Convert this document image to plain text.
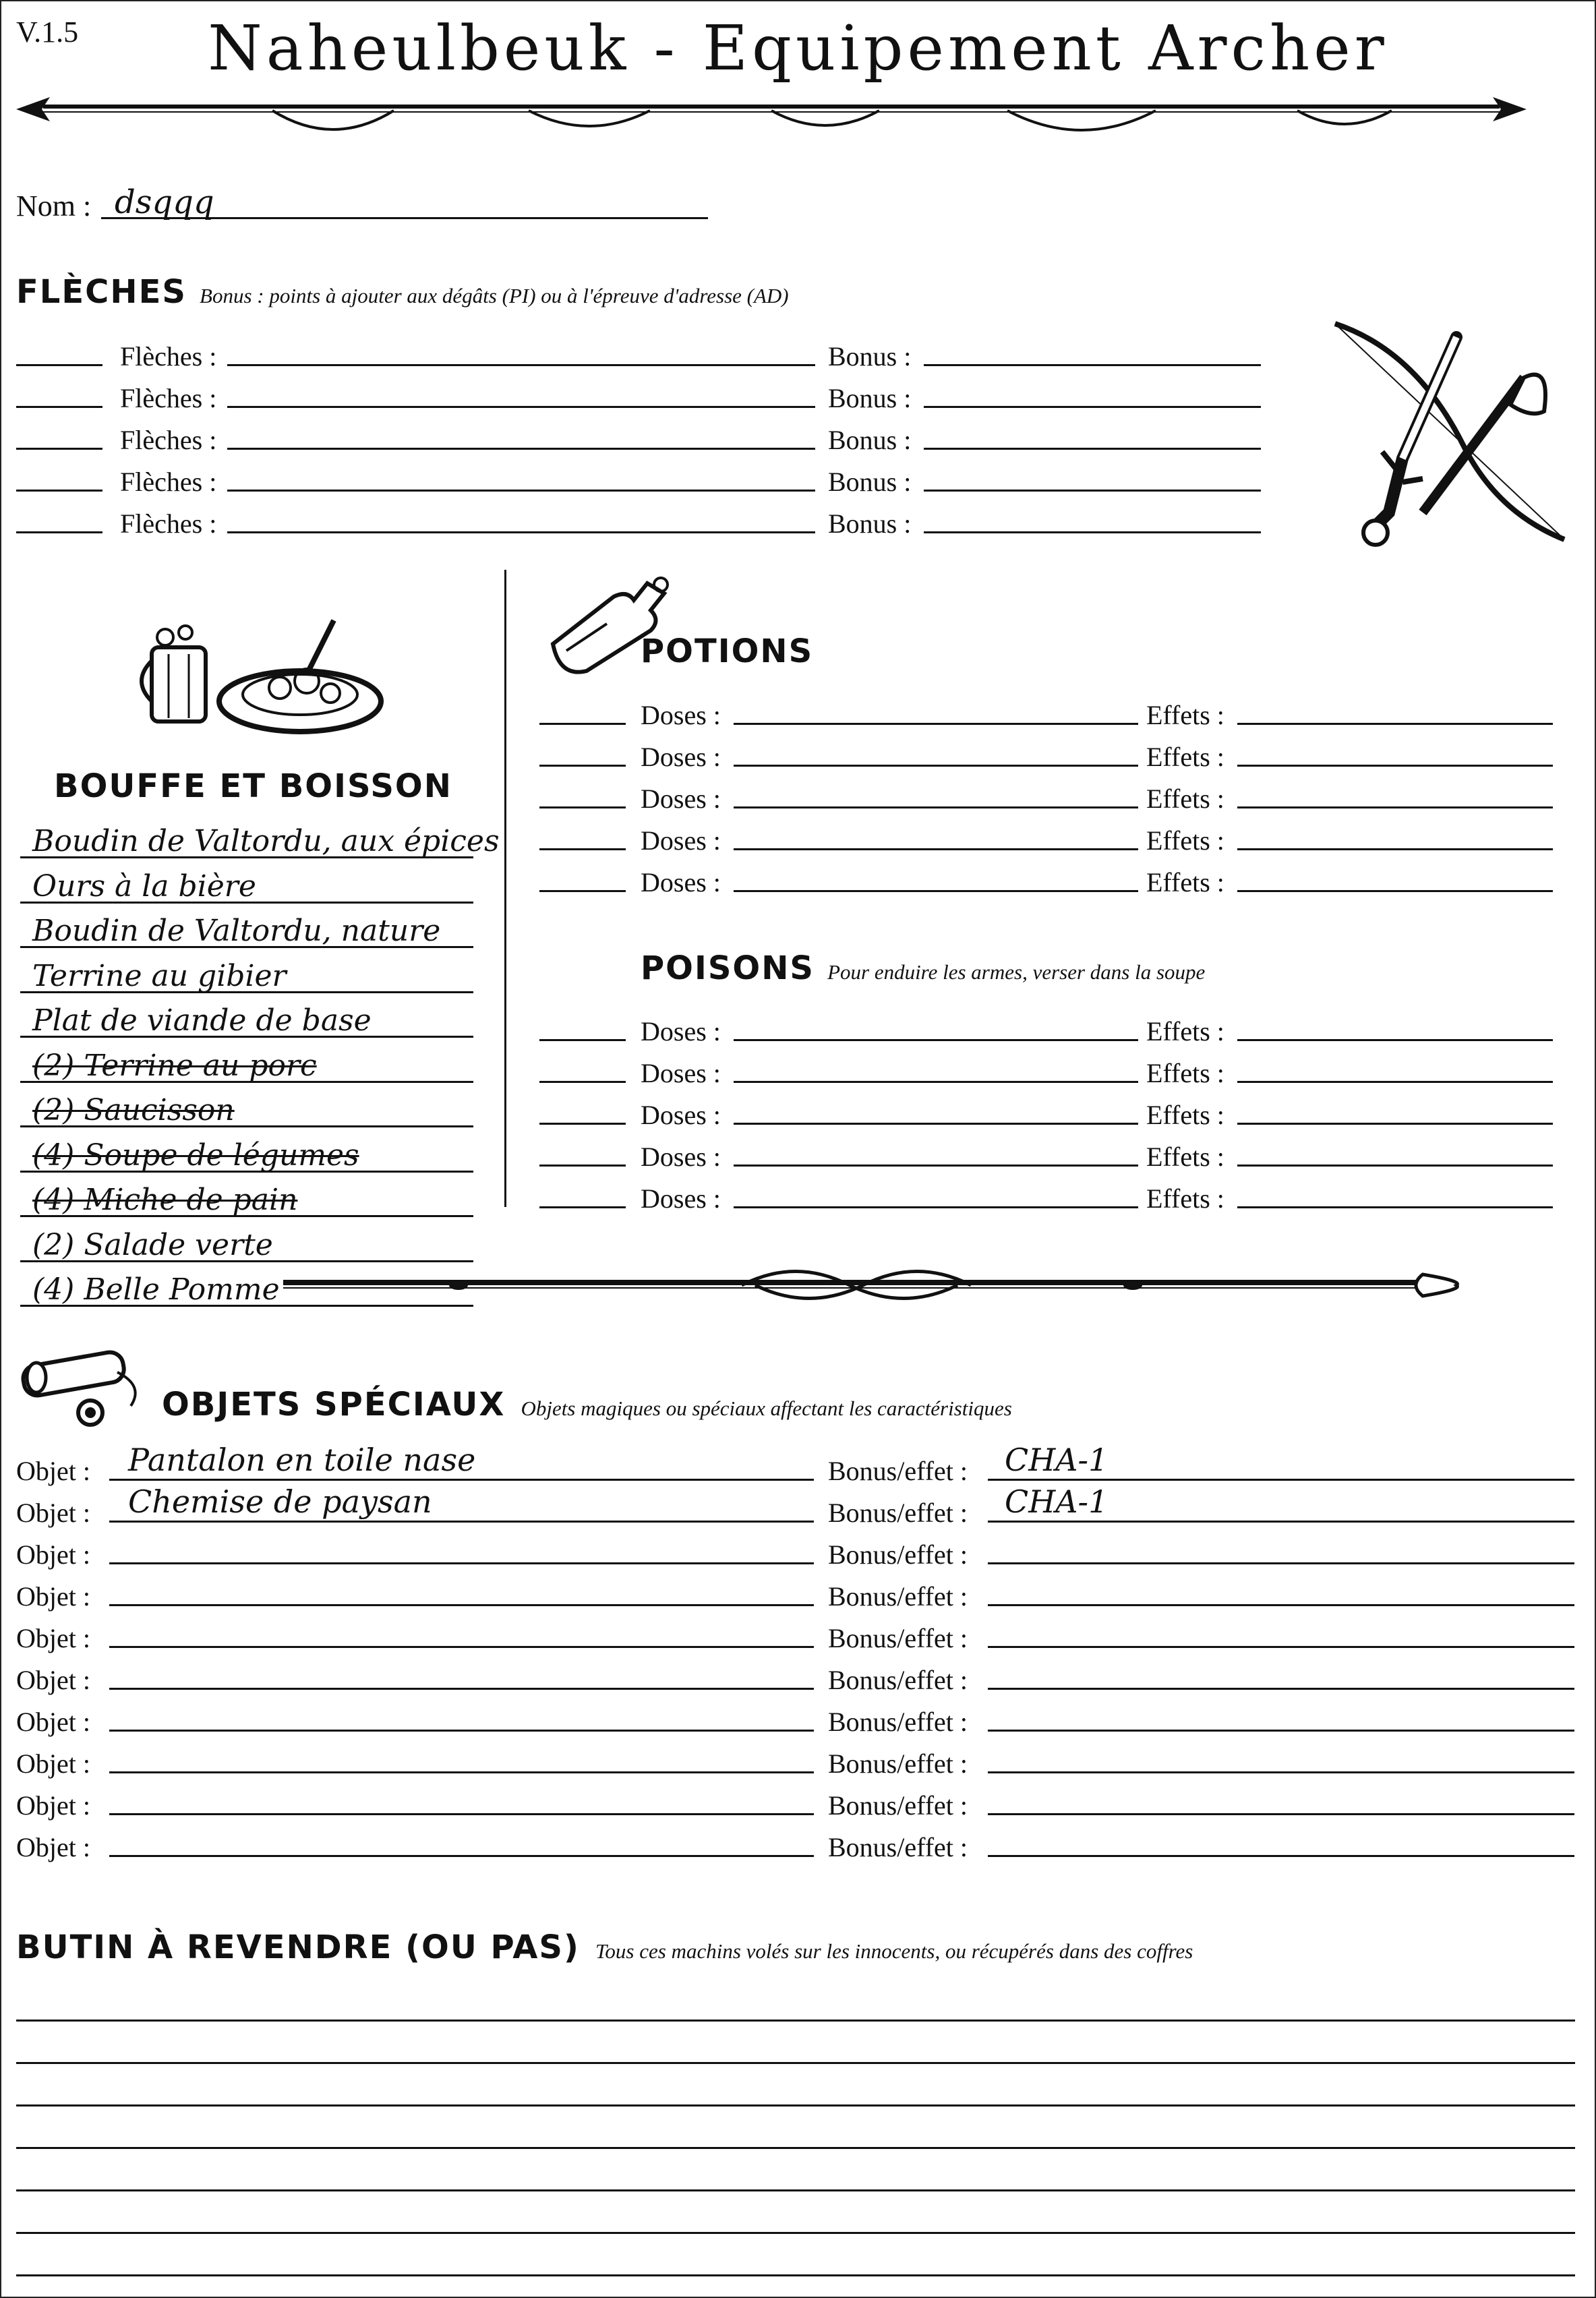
V.1.5	Naheulbeuk - Equipement Archer
Nom : dsqqq
FLÈCHES Bonus : points à ajouter aux dégâts (PI) ou à l'épreuve d'adresse (AD)
Flèches :	Bonus :
Flèches :	Bonus :
Flèches :	Bonus :
Flèches :	Bonus :
Flèches :	Bonus :
BOUFFE ET BOISSON
Boudin de Valtordu, aux épices
Ours à la bière
Boudin de Valtordu, nature
Terrine au gibier
Plat de viande de base
(2) Terrine au porc
(2) Saucisson
(4) Soupe de légumes
(4) Miche de pain
(2) Salade verte
(4) Belle Pomme
POTIONS
Doses :	Effets :
Doses :	Effets :
Doses :	Effets :
Doses :	Effets :
Doses :	Effets :
POISONS Pour enduire les armes, verser dans la soupe
Doses :	Effets :
Doses :	Effets :
Doses :	Effets :
Doses :	Effets :
Doses :	Effets :
OBJETS SPÉCIAUX Objets magiques ou spéciaux affectant les caractéristiques
Objet : Pantalon en toile nase	Bonus/effet : CHA-1
Objet : Chemise de paysan	Bonus/effet : CHA-1
Objet :	Bonus/effet :
Objet :	Bonus/effet :
Objet :	Bonus/effet :
Objet :	Bonus/effet :
Objet :	Bonus/effet :
Objet :	Bonus/effet :
Objet :	Bonus/effet :
Objet :	Bonus/effet :
BUTIN À REVENDRE (OU PAS) Tous ces machins volés sur les innocents, ou récupérés dans des coffres
